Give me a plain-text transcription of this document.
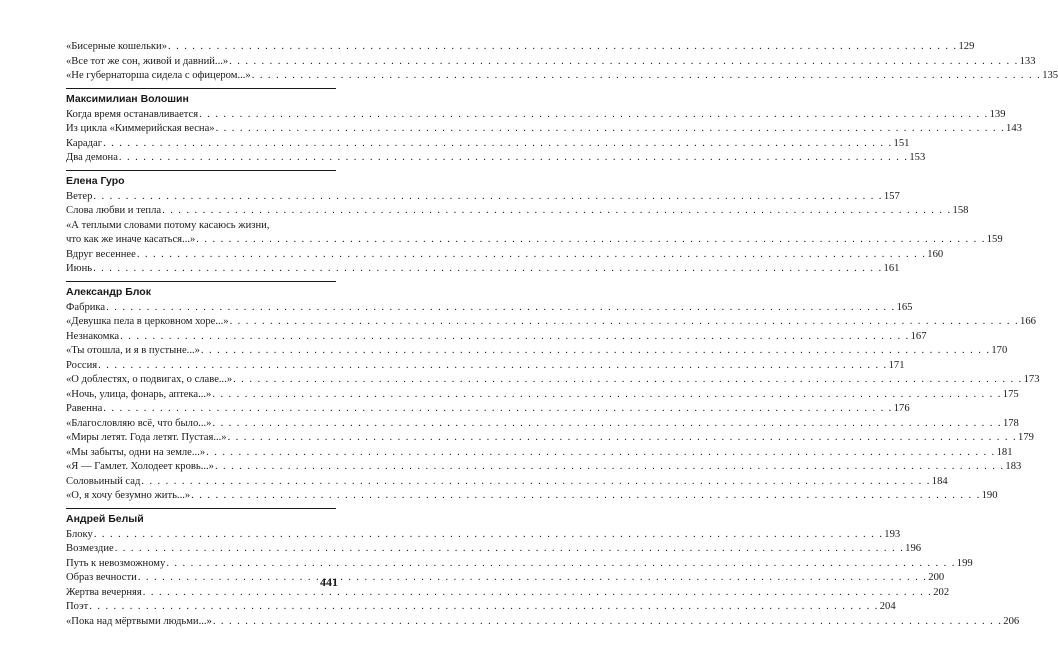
«Бисерные кошельки» . . .	129
«Все тот же сон, живой и давний...» . . .	133
«Не губернаторша сидела с офицером...» . . .	135
Максимилиан Волошин
Когда время останавливается . . .	139
Из цикла «Киммерийская весна» . . .	143
Карадаг . . .	151
Два демона . . .	153
Елена Гуро
Ветер . . .	157
Слова любви и тепла . . .	158
«А теплыми словами потому касаюсь жизни,
что как же иначе касаться...» . . .	159
Вдруг весеннее . . .	160
Июнь . . .	161
Александр Блок
Фабрика . . .	165
«Девушка пела в церковном хоре...» . . .	166
Незнакомка . . .	167
«Ты отошла, и я в пустыне...» . . .	170
Россия . . .	171
«О доблестях, о подвигах, о славе...» . . .	173
«Ночь, улица, фонарь, аптека...» . . .	175
Равенна . . .	176
«Благословляю всё, что было...» . . .	178
«Миры летят. Года летят. Пустая...» . . .	179
«Мы забыты, одни на земле...» . . .	181
«Я — Гамлет. Холодеет кровь...» . . .	183
Соловьиный сад . . .	184
«О, я хочу безумно жить...» . . .	190
Андрей Белый
Блоку . . .	193
Возмездие . . .	196
Путь к невозможному . . .	199
Образ вечности . . .	200
Жертва вечерняя . . .	202
Поэт . . .	204
«Пока над мёртвыми людьми...» . . .	206
441
